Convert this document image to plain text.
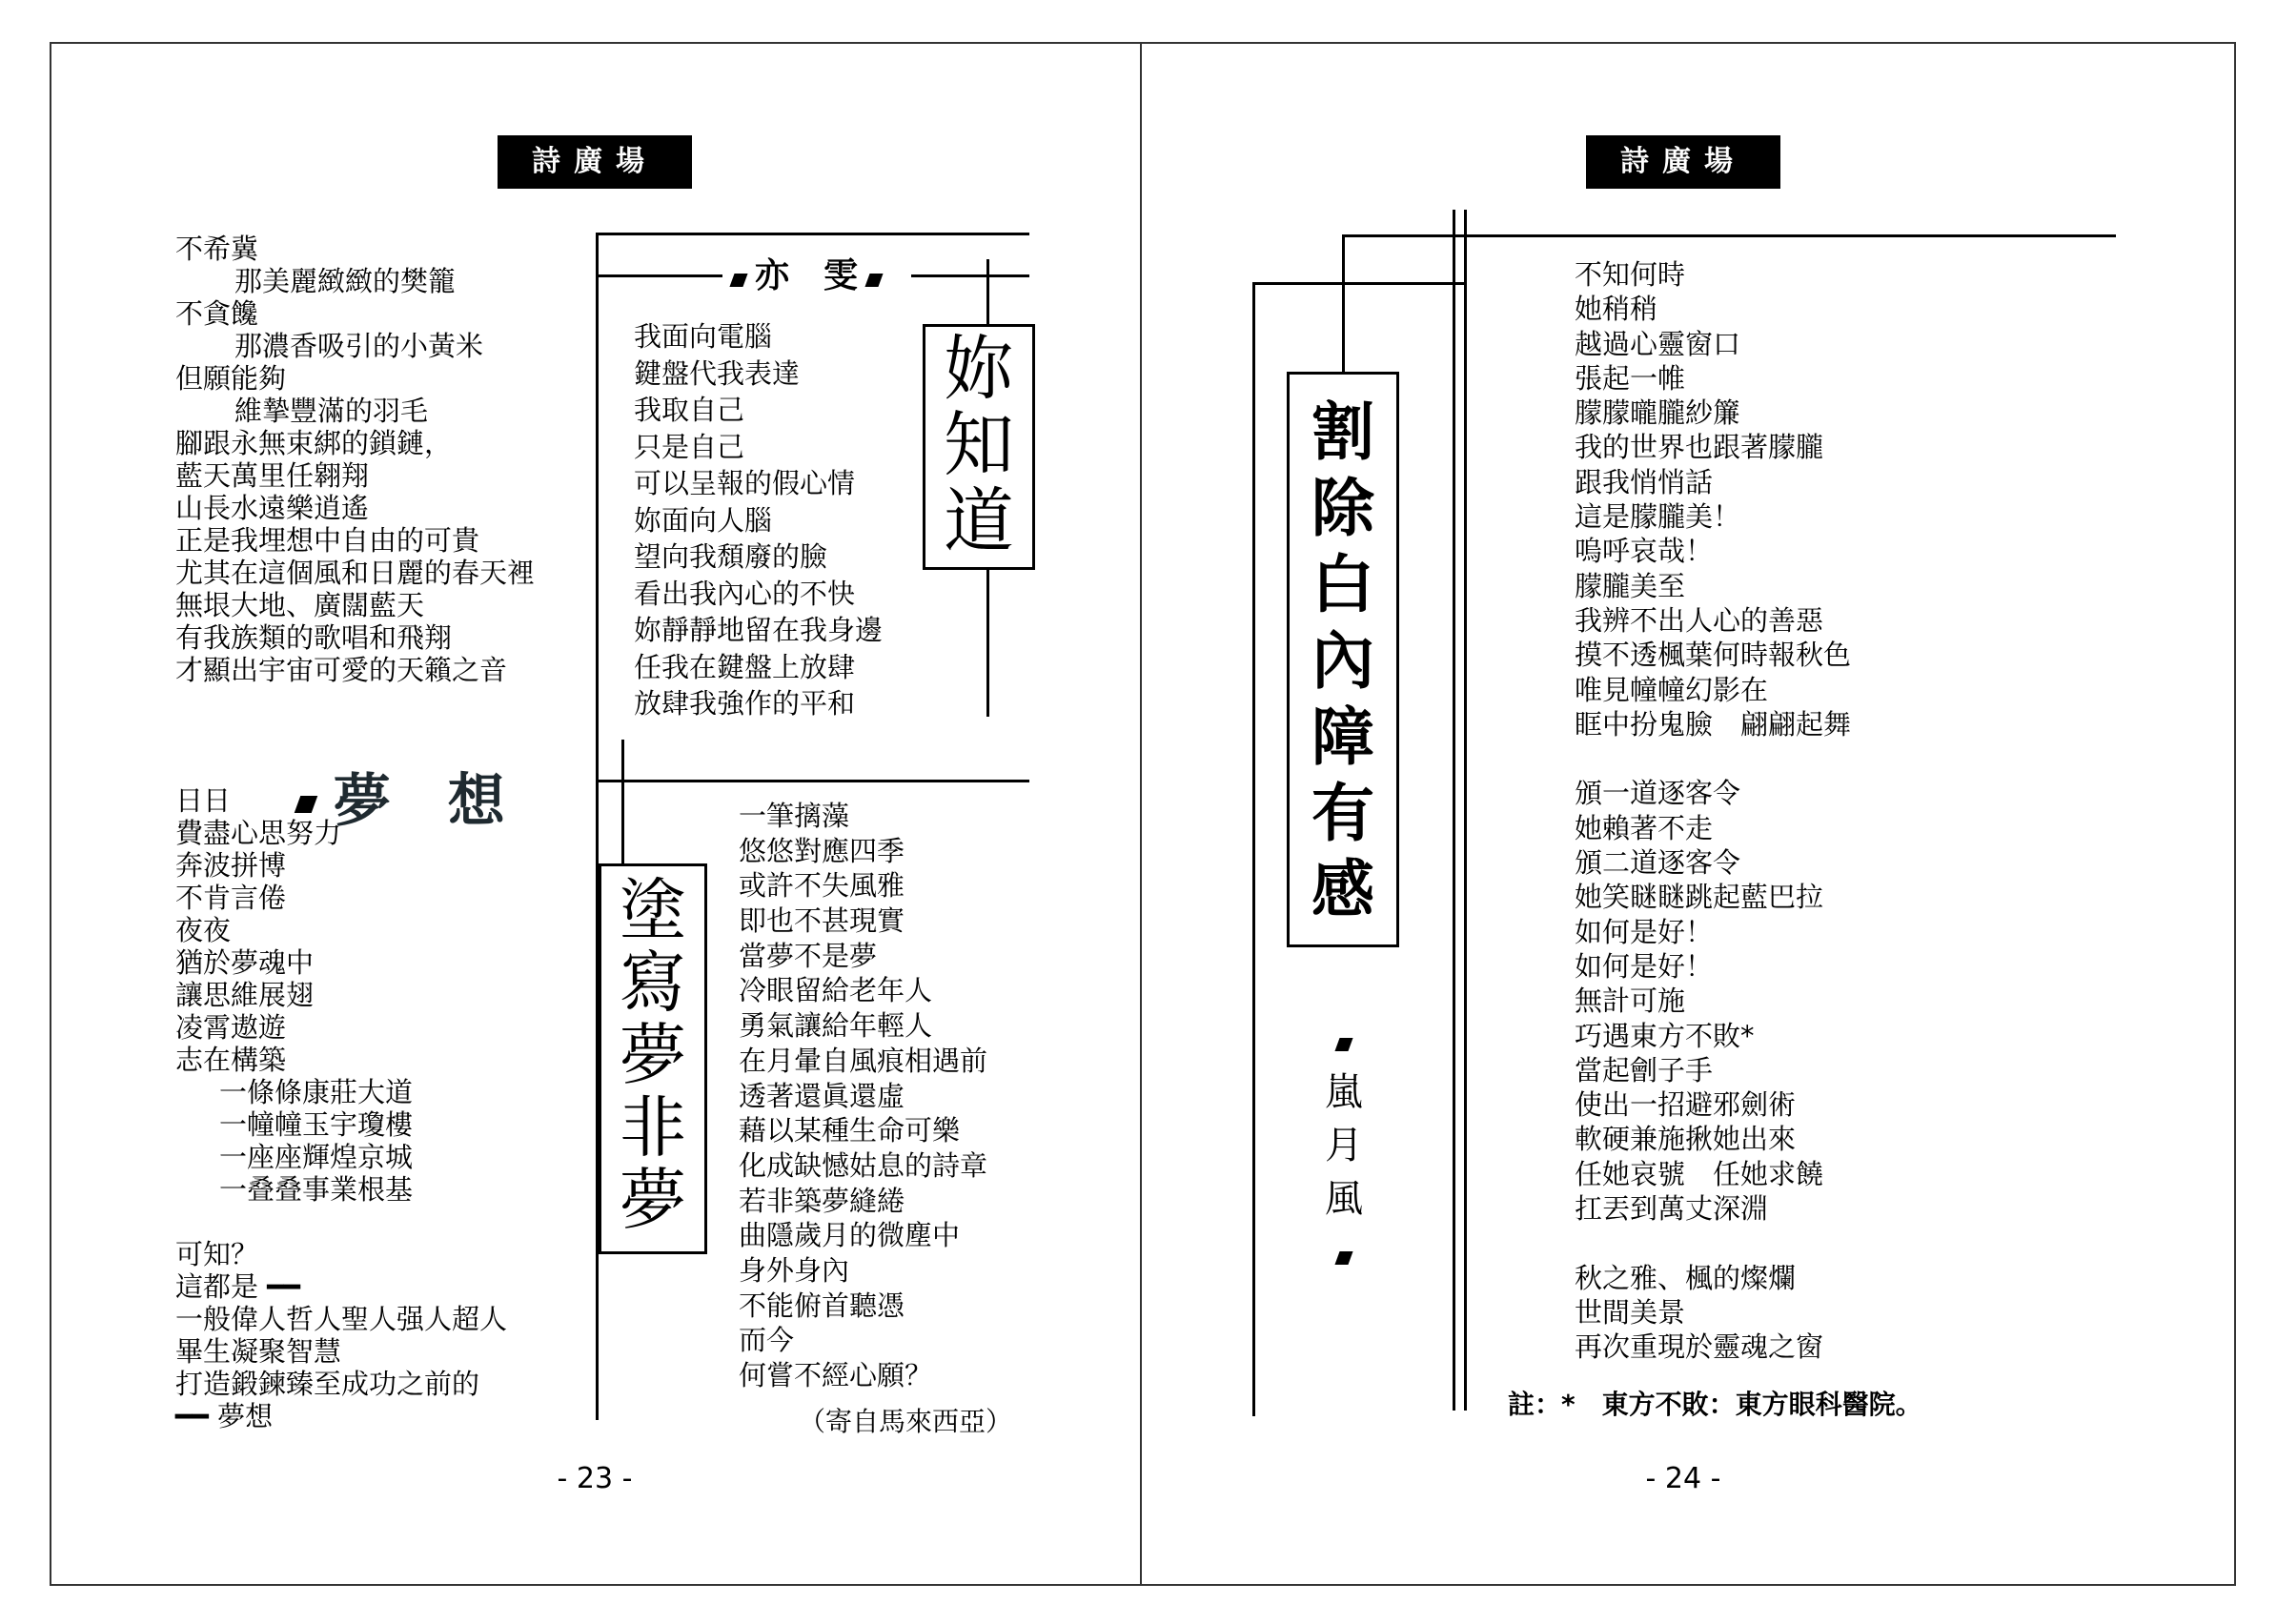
詩廣場
不希冀
那美麗緻緻的樊籠
不貪饞
那濃香吸引的小黃米
但願能夠
維摯豐滿的羽毛
腳跟永無束綁的鎖鏈，
藍天萬里任翱翔
山長水遠樂逍遙
正是我埋想中自由的可貴
尤其在這個風和日麗的春天裡
無垠大地、廣闊藍天
有我族類的歌唱和飛翔
才顯出宇宙可愛的天籟之音

夢　想

日日
費盡心思努力
奔波拼博
不肯言倦
夜夜
猶於夢魂中
讓思維展翅
凌霄遨遊
志在構築
一條條康莊大道
一幢幢玉宇瓊樓
一座座輝煌京城
一叠叠事業根基
可知？
這都是 ━━
一般偉人哲人聖人强人超人
畢生凝聚智慧
打造鍛鍊臻至成功之前的
━━ 夢想
亦　雯
妳
知
道
我面向電腦
鍵盤代我表達
我取自己
只是自己
可以呈報的假心情
妳面向人腦
望向我頹廢的臉
看出我內心的不快
妳靜靜地留在我身邊
任我在鍵盤上放肆
放肆我強作的平和
塗
寫
夢
非
夢
一筆摛藻
悠悠對應四季
或許不失風雅
即也不甚現實
當夢不是夢
冷眼留給老年人
勇氣讓給年輕人
在月暈自風痕相遇前
透著還眞還虛
藉以某種生命可樂
化成缺憾姑息的詩章
若非築夢縫綣
曲隱歲月的微塵中
身外身內
不能俯首聽憑
而今
何嘗不經心願？
（寄自馬來西亞）
- 23 -
詩廣場
割
除
白
內
障
有
感
嵐
月
風
不知何時
她稍稍
越過心靈窗口
張起一帷
朦朦曨朧紗簾
我的世界也跟著朦朧
跟我悄悄話
這是朦朧美！
嗚呼哀哉！
朦朧美至
我辨不出人心的善惡
摸不透楓葉何時報秋色
唯見幢幢幻影在
眶中扮鬼臉　翩翩起舞
頒一道逐客令
她賴著不走
頒二道逐客令
她笑瞇瞇跳起藍巴拉
如何是好！
如何是好！
無計可施
巧遇東方不敗*
當起劊子手
使出一招避邪劍術
軟硬兼施揪她出來
任她哀號　任她求饒
扛丟到萬丈深淵
秋之雅、楓的燦爛
世間美景
再次重現於靈魂之窗
註：*　東方不敗：東方眼科醫院。
- 24 -
